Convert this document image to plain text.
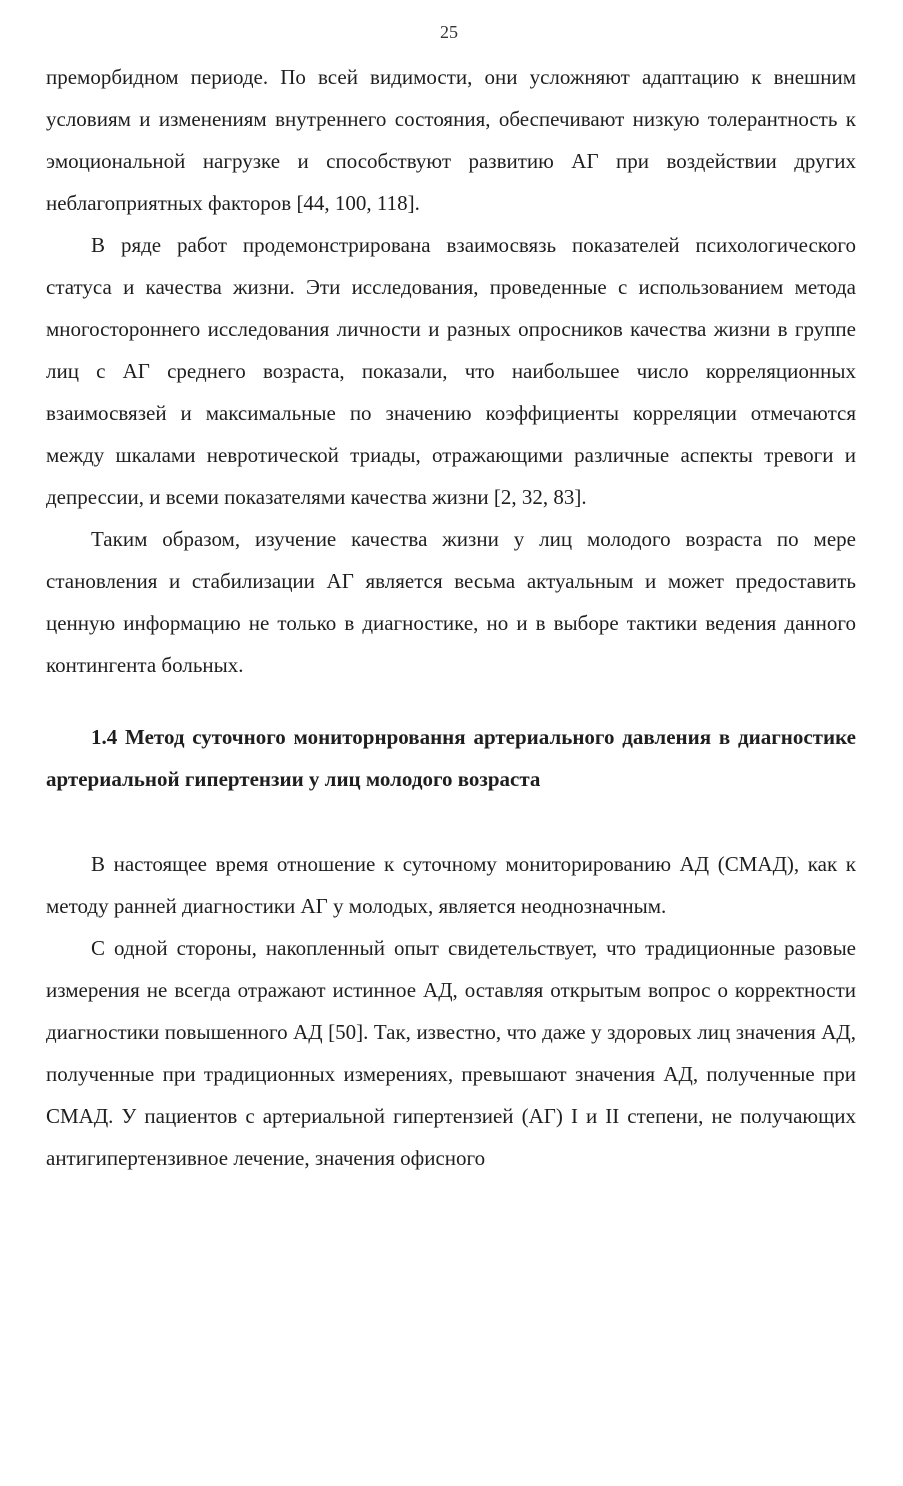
25

преморбидном периоде. По всей видимости, они усложняют адаптацию к внешним условиям и изменениям внутреннего состояния, обеспечивают низкую толерантность к эмоциональной нагрузке и способствуют развитию АГ при воздействии других неблагоприятных факторов [44, 100, 118].

В ряде работ продемонстрирована взаимосвязь показателей психологического статуса и качества жизни. Эти исследования, проведенные с использованием метода многостороннего исследования личности и разных опросников качества жизни в группе лиц с АГ среднего возраста, показали, что наибольшее число корреляционных взаимосвязей и максимальные по значению коэффициенты корреляции отмечаются между шкалами невротической триады, отражающими различные аспекты тревоги и депрессии, и всеми показателями качества жизни [2, 32, 83].

Таким образом, изучение качества жизни у лиц молодого возраста по мере становления и стабилизации АГ является весьма актуальным и может предоставить ценную информацию не только в диагностике, но и в выборе тактики ведения данного контингента больных.

1.4 Метод суточного мониторнровання артериального давления в диагностике артериальной гипертензии у лиц молодого возраста

В настоящее время отношение к суточному мониторированию АД (СМАД), как к методу ранней диагностики АГ у молодых, является неоднозначным.

С одной стороны, накопленный опыт свидетельствует, что традиционные разовые измерения не всегда отражают истинное АД, оставляя открытым вопрос о корректности диагностики повышенного АД [50]. Так, известно, что даже у здоровых лиц значения АД, полученные при традиционных измерениях, превышают значения АД, полученные при СМАД. У пациентов с артериальной гипертензией (АГ) I и II степени, не получающих антигипертензивное лечение, значения офисного
